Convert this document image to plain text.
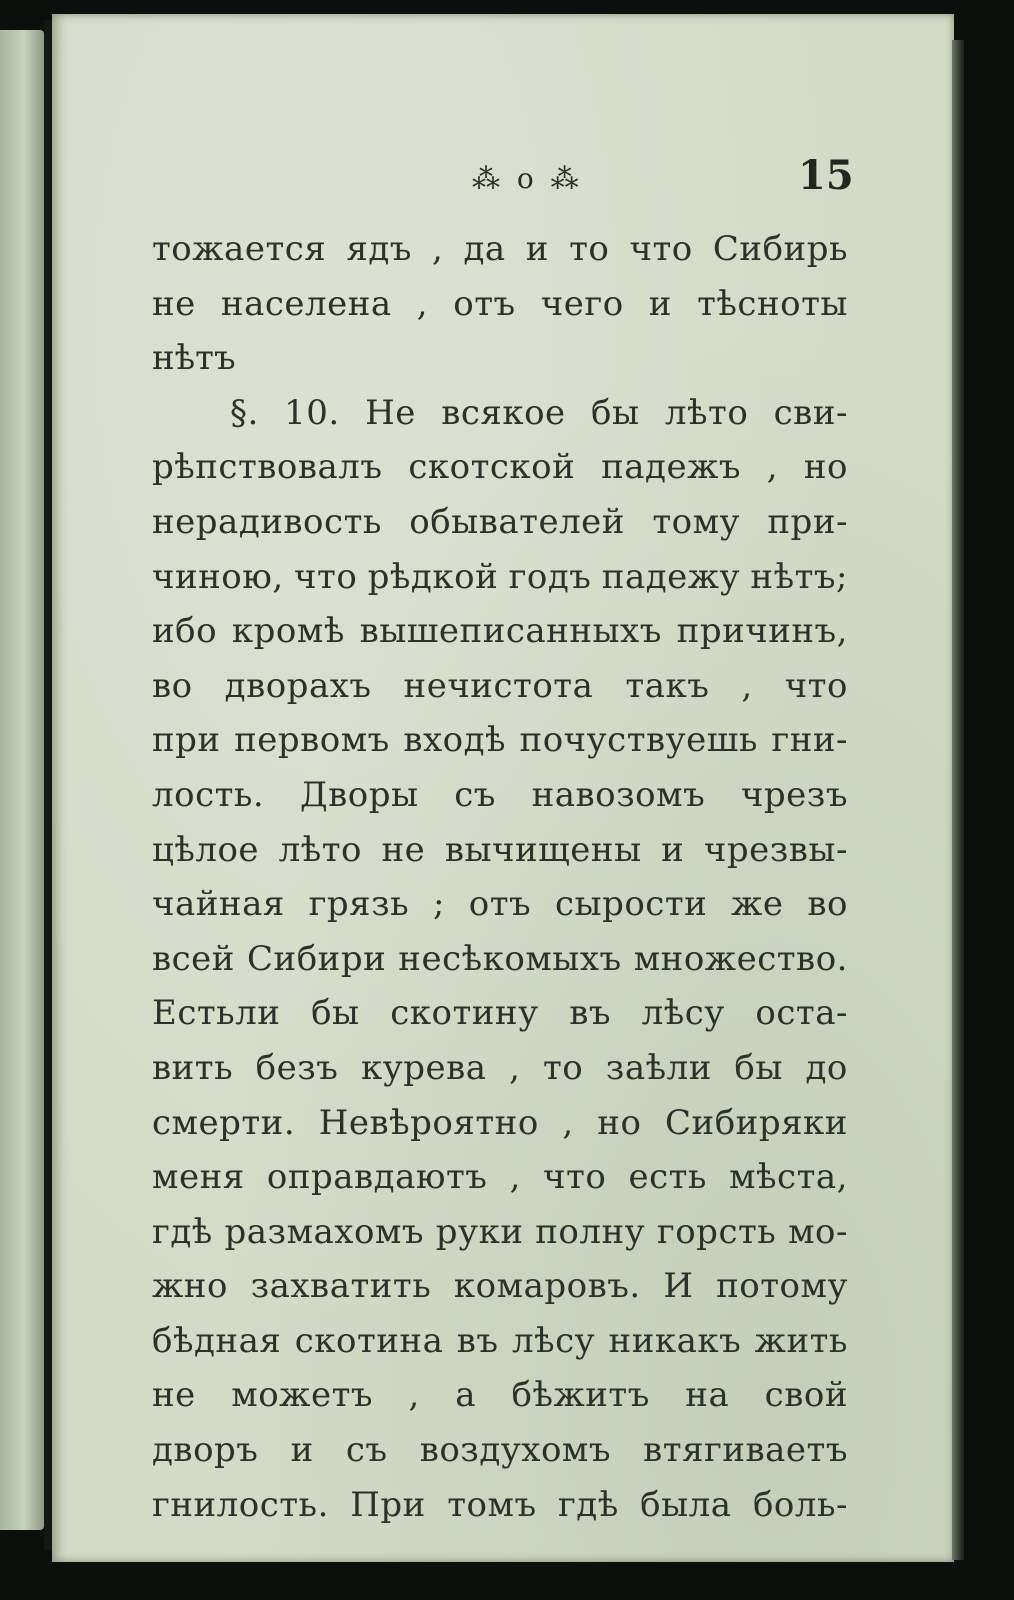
⁂ o ⁂	15
тожается ядъ , да и то что Сибирь
не населена , отъ чего и тѣсноты
нѣтъ
§. 10. Не всякое бы лѣто сви-
рѣпствовалъ скотской падежъ , но
нерадивость обывателей тому при-
чиною, что рѣдкой годъ падежу нѣтъ;
ибо кромѣ вышеписанныхъ причинъ,
во дворахъ нечистота такъ , что
при первомъ входѣ почуствуешь гни-
лость. Дворы съ навозомъ чрезъ
цѣлое лѣто не вычищены и чрезвы-
чайная грязь ; отъ сырости же во
всей Сибири несѣкомыхъ множество.
Естьли бы скотину въ лѣсу оста-
вить безъ курева , то заѣли бы до
смерти. Невѣроятно , но Сибиряки
меня оправдаютъ , что есть мѣста,
гдѣ размахомъ руки полну горсть мо-
жно захватить комаровъ. И потому
бѣдная скотина въ лѣсу никакъ жить
не можетъ , а бѣжитъ на свой
дворъ и съ воздухомъ втягиваетъ
гнилость. При томъ гдѣ была боль-
